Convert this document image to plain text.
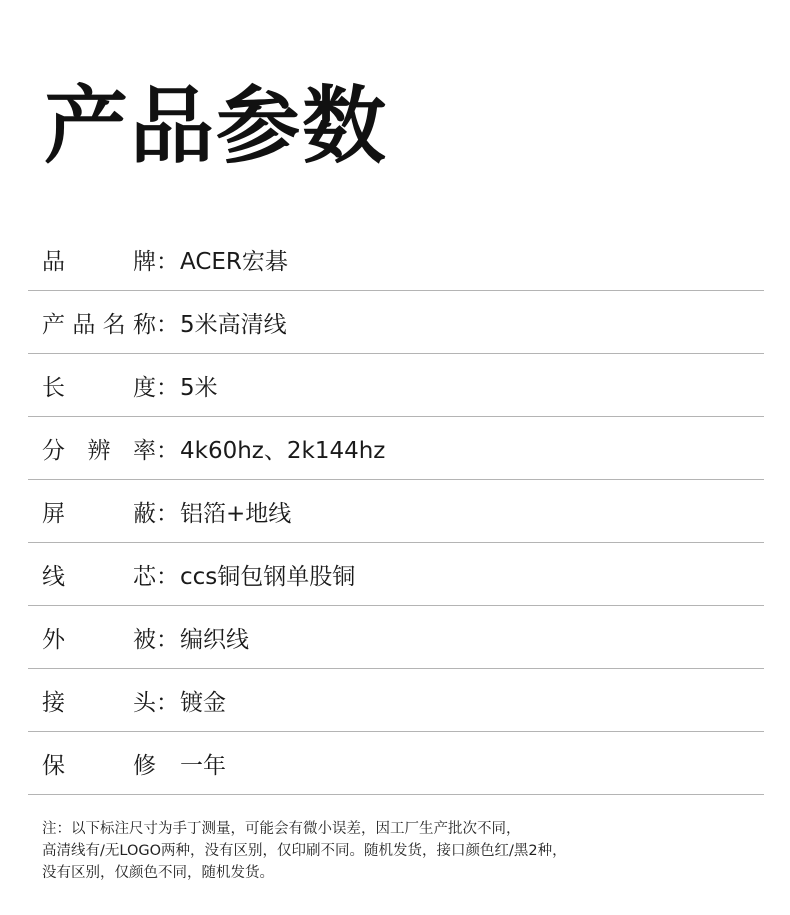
产品参数
品	牌 ： ACER宏碁
产 品 名 称 ： 5米高清线
长	度 ： 5米
分 辨 率 ： 4k60hz、2k144hz
屏	蔽 ： 铝箔+地线
线	芯 ： ccs铜包钢单股铜
外	被 ： 编织线
接	头 ： 镀金
保	修 一年

注：以下标注尺寸为手丁测量，可能会有微小误差，因工厂生产批次不同，

高清线有/无LOGO两种，没有区别，仅印刷不同。随机发货，接口颜色红/黑2种，

没有区别，仅颜色不同，随机发货。
